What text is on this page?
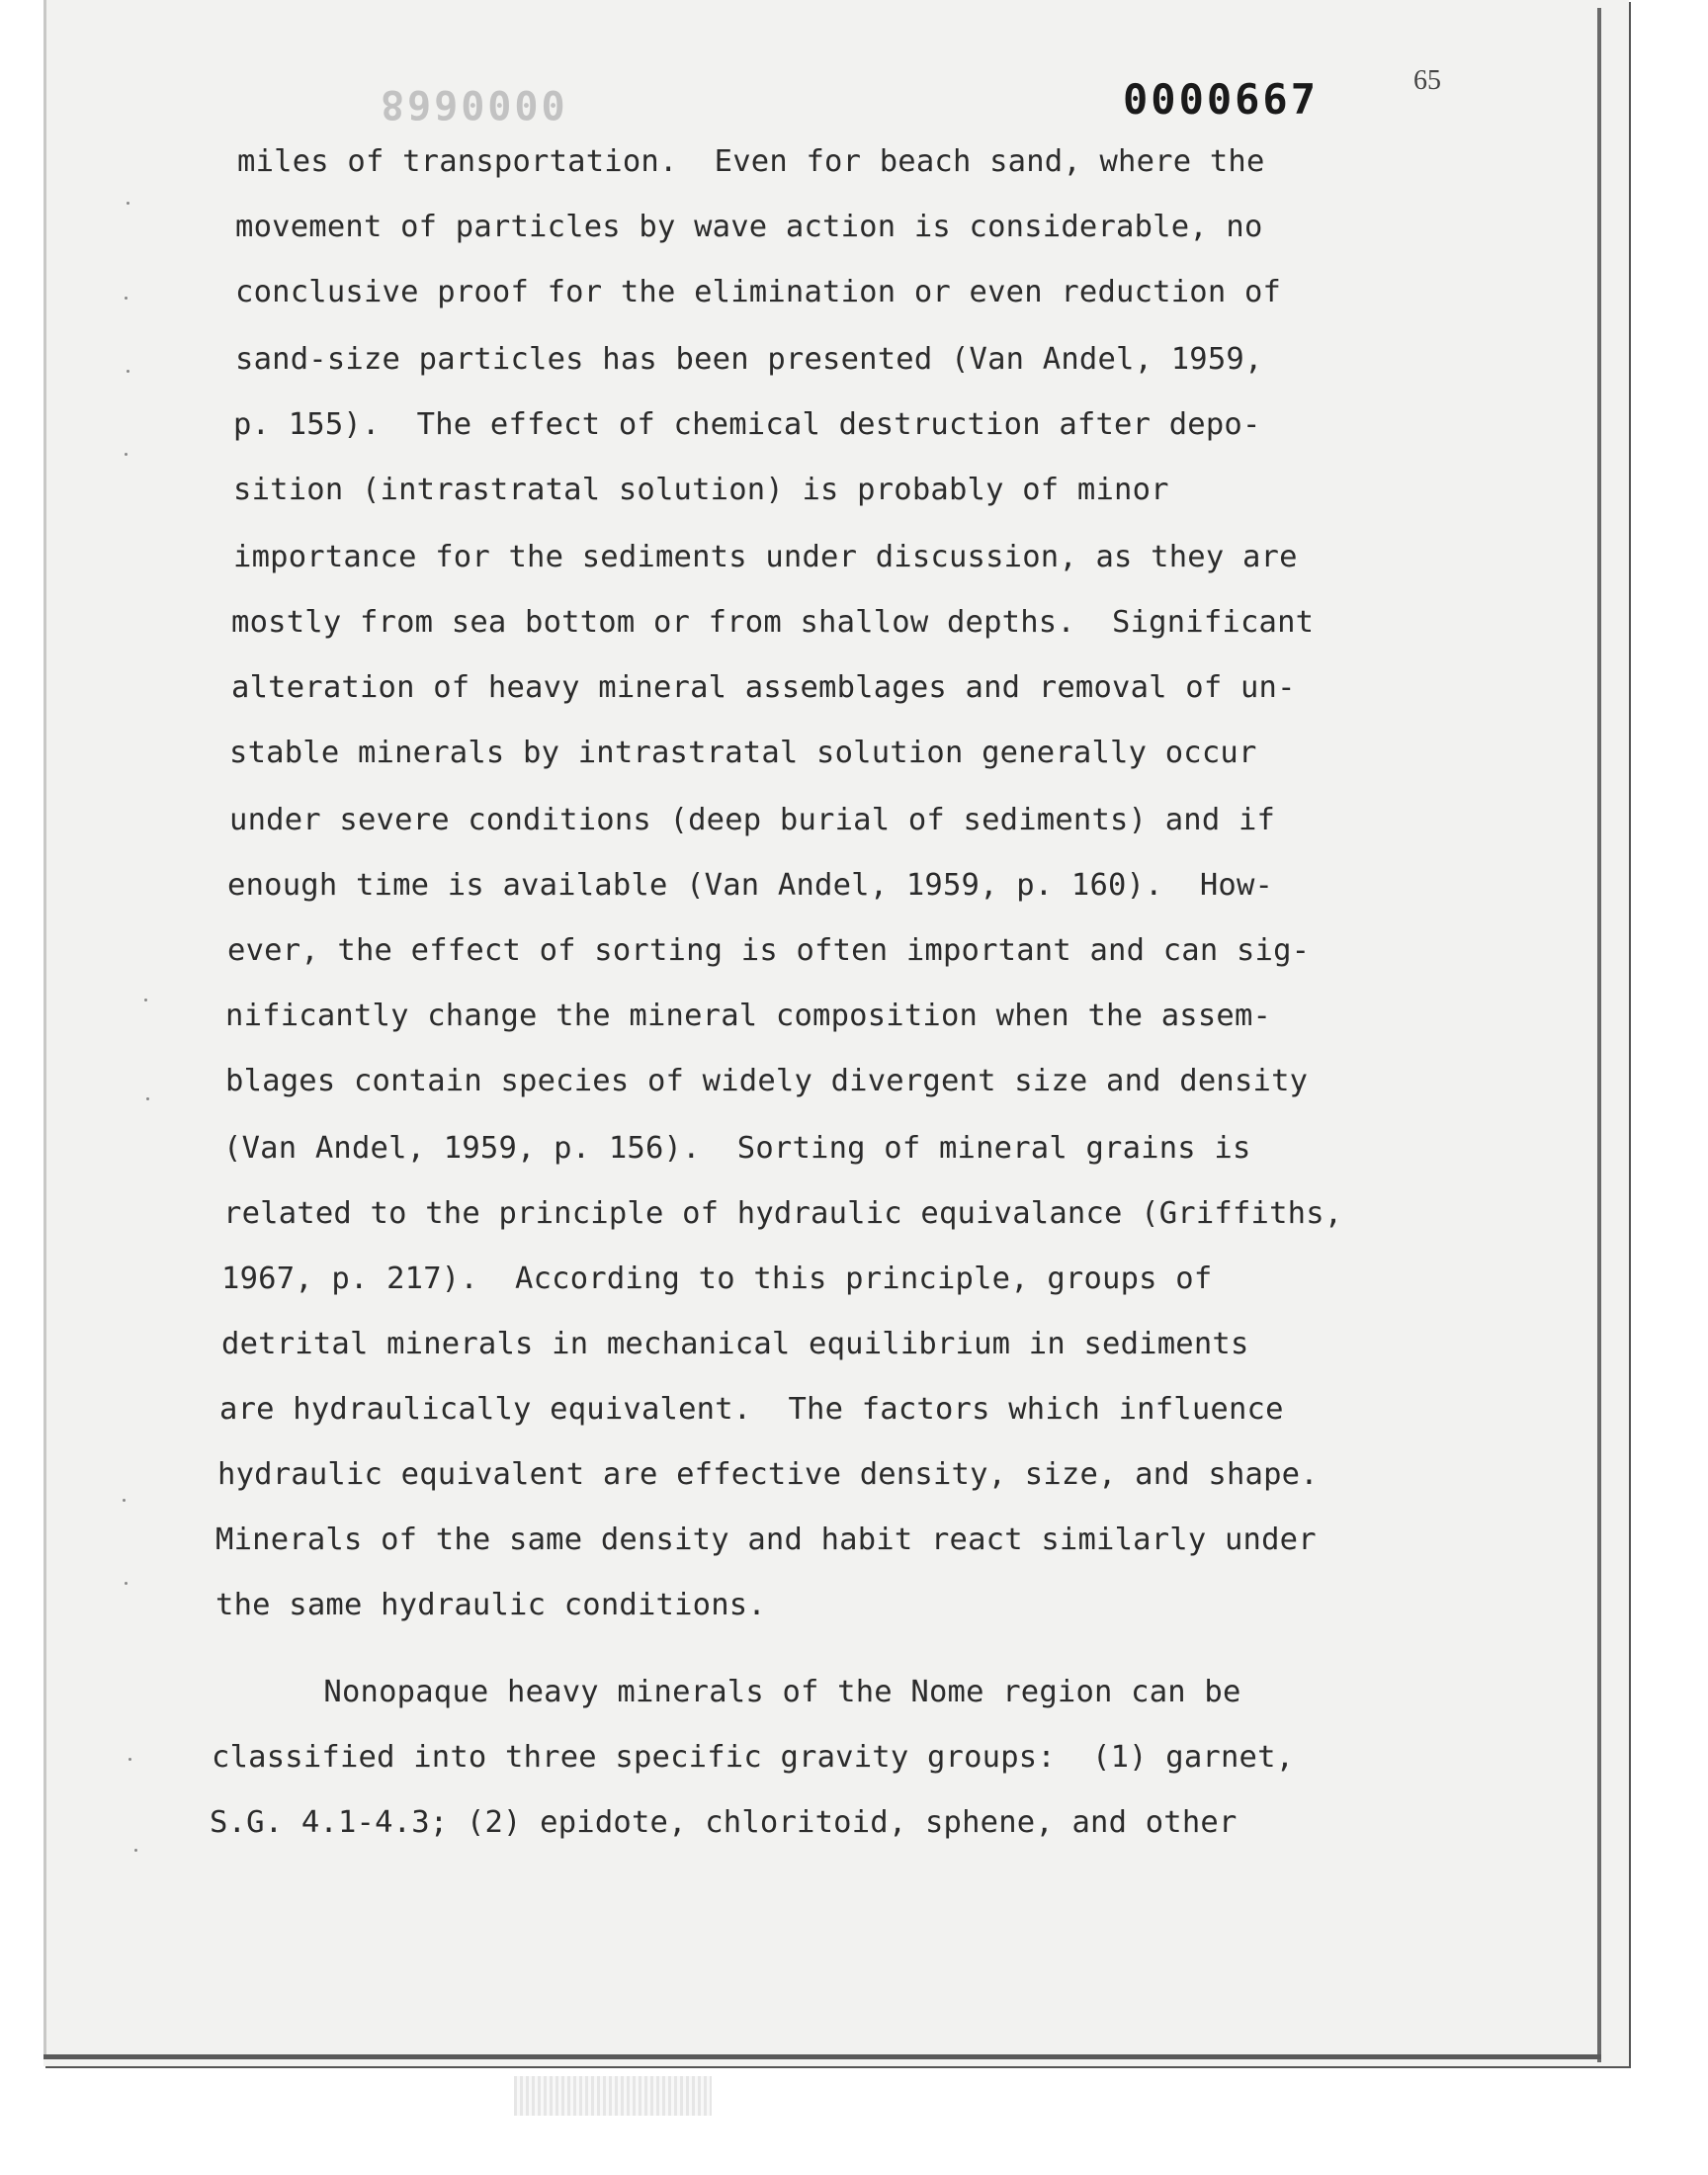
0000668	0000667	65
miles of transportation.  Even for beach sand, where the
movement of particles by wave action is considerable, no
conclusive proof for the elimination or even reduction of
sand-size particles has been presented (Van Andel, 1959,
p. 155).  The effect of chemical destruction after depo-
sition (intrastratal solution) is probably of minor
importance for the sediments under discussion, as they are
mostly from sea bottom or from shallow depths.  Significant
alteration of heavy mineral assemblages and removal of un-
stable minerals by intrastratal solution generally occur
under severe conditions (deep burial of sediments) and if
enough time is available (Van Andel, 1959, p. 160).  How-
ever, the effect of sorting is often important and can sig-
nificantly change the mineral composition when the assem-
blages contain species of widely divergent size and density
(Van Andel, 1959, p. 156).  Sorting of mineral grains is
related to the principle of hydraulic equivalance (Griffiths,
1967, p. 217).  According to this principle, groups of
detrital minerals in mechanical equilibrium in sediments
are hydraulically equivalent.  The factors which influence
hydraulic equivalent are effective density, size, and shape.
Minerals of the same density and habit react similarly under
the same hydraulic conditions.
Nonopaque heavy minerals of the Nome region can be
classified into three specific gravity groups:  (1) garnet,
S.G. 4.1-4.3; (2) epidote, chloritoid, sphene, and other
